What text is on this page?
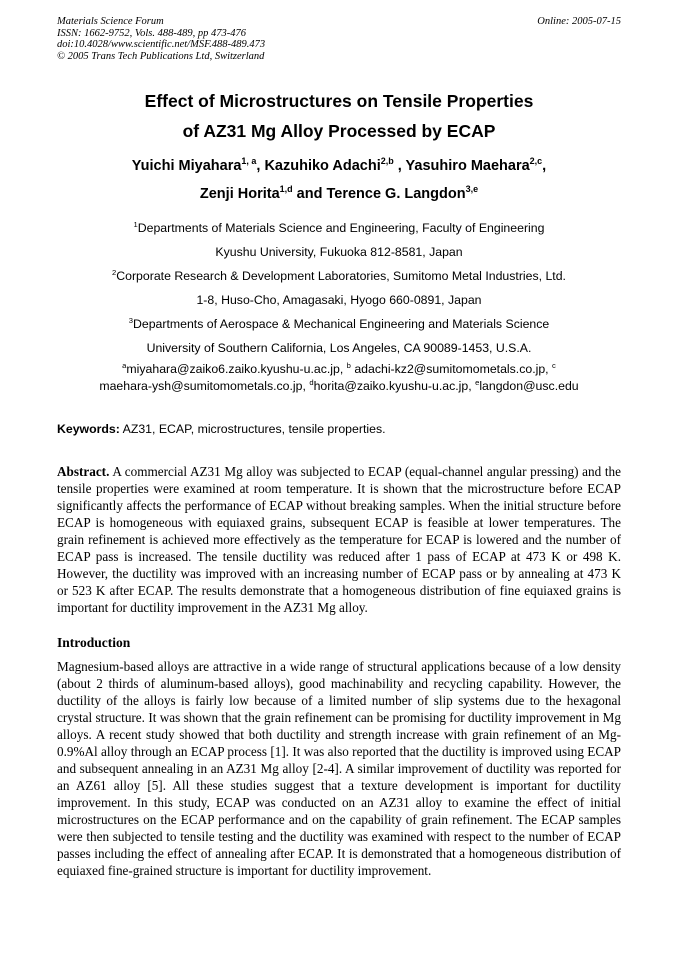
Materials Science Forum
ISSN: 1662-9752, Vols. 488-489, pp 473-476
doi:10.4028/www.scientific.net/MSF.488-489.473
© 2005 Trans Tech Publications Ltd, Switzerland
Online: 2005-07-15
Effect of Microstructures on Tensile Properties
of AZ31 Mg Alloy Processed by ECAP
Yuichi Miyahara$^{1, a}$, Kazuhiko Adachi$^{2,b}$ , Yasuhiro Maehara$^{2,c}$,
Zenji Horita$^{1,d}$ and Terence G. Langdon$^{3,e}$
$^1$Departments of Materials Science and Engineering, Faculty of Engineering
Kyushu University, Fukuoka 812-8581, Japan
$^2$Corporate Research & Development Laboratories, Sumitomo Metal Industries, Ltd.
1-8, Huso-Cho, Amagasaki, Hyogo 660-0891, Japan
$^3$Departments of Aerospace & Mechanical Engineering and Materials Science
University of Southern California, Los Angeles, CA 90089-1453, U.S.A.
$^a$miyahara@zaiko6.zaiko.kyushu-u.ac.jp, $^b$ adachi-kz2@sumitomometals.co.jp, $^c$
maehara-ysh@sumitomometals.co.jp, $^d$horita@zaiko.kyushu-u.ac.jp, $^e$langdon@usc.edu
Keywords: AZ31, ECAP, microstructures, tensile properties.
Abstract. A commercial AZ31 Mg alloy was subjected to ECAP (equal-channel angular pressing) and the tensile properties were examined at room temperature. It is shown that the microstructure before ECAP significantly affects the performance of ECAP without breaking samples. When the initial structure before ECAP is homogeneous with equiaxed grains, subsequent ECAP is feasible at lower temperatures. The grain refinement is achieved more effectively as the temperature for ECAP is lowered and the number of ECAP pass is increased. The tensile ductility was reduced after 1 pass of ECAP at 473 K or 498 K. However, the ductility was improved with an increasing number of ECAP pass or by annealing at 473 K or 523 K after ECAP. The results demonstrate that a homogeneous distribution of fine equiaxed grains is important for ductility improvement in the AZ31 Mg alloy.
Introduction
Magnesium-based alloys are attractive in a wide range of structural applications because of a low density (about 2 thirds of aluminum-based alloys), good machinability and recycling capability. However, the ductility of the alloys is fairly low because of a limited number of slip systems due to the hexagonal crystal structure. It was shown that the grain refinement can be promising for ductility improvement in Mg alloys. A recent study showed that both ductility and strength increase with grain refinement of an Mg-0.9%Al alloy through an ECAP process [1]. It was also reported that the ductility is improved using ECAP and subsequent annealing in an AZ31 Mg alloy [2-4]. A similar improvement of ductility was reported for an AZ61 alloy [5]. All these studies suggest that a texture development is important for ductility improvement. In this study, ECAP was conducted on an AZ31 alloy to examine the effect of initial microstructures on the ECAP performance and on the capability of grain refinement. The ECAP samples were then subjected to tensile testing and the ductility was examined with respect to the number of ECAP passes including the effect of annealing after ECAP. It is demonstrated that a homogeneous distribution of equiaxed fine-grained structure is important for ductility improvement.
